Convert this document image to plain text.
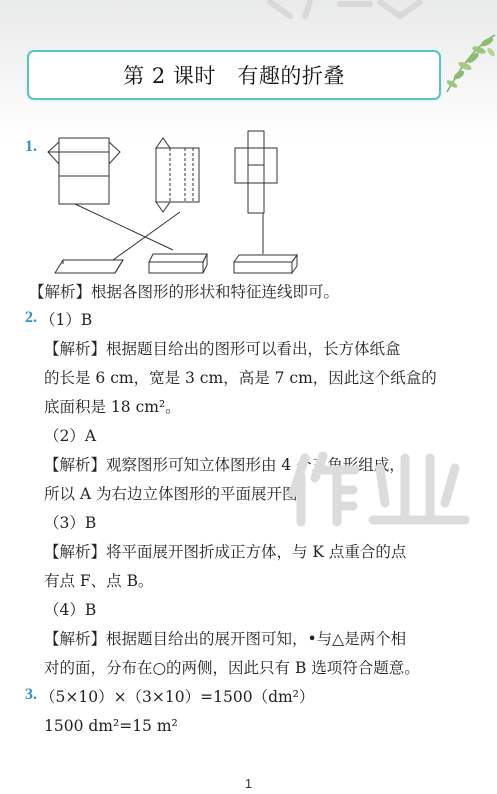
第 2 课时　有趣的折叠
1.
【解析】根据各图形的形状和特征连线即可。
2. （1）B
【解析】根据题目给出的图形可以看出，长方体纸盒
的长是 6 cm，宽是 3 cm，高是 7 cm，因此这个纸盒的
底面积是 18 cm²。
（2）A
【解析】观察图形可知立体图形由 4 个三角形组成，
所以 A 为右边立体图形的平面展开图。
（3）B
【解析】将平面展开图折成正方体，与 K 点重合的点
有点 F、点 B。
（4）B
【解析】根据题目给出的展开图可知，•与△是两个相
对的面，分布在○的两侧，因此只有 B 选项符合题意。
3. （5×10）×（3×10）=1500（dm²）
1500 dm²=15 m²
1
